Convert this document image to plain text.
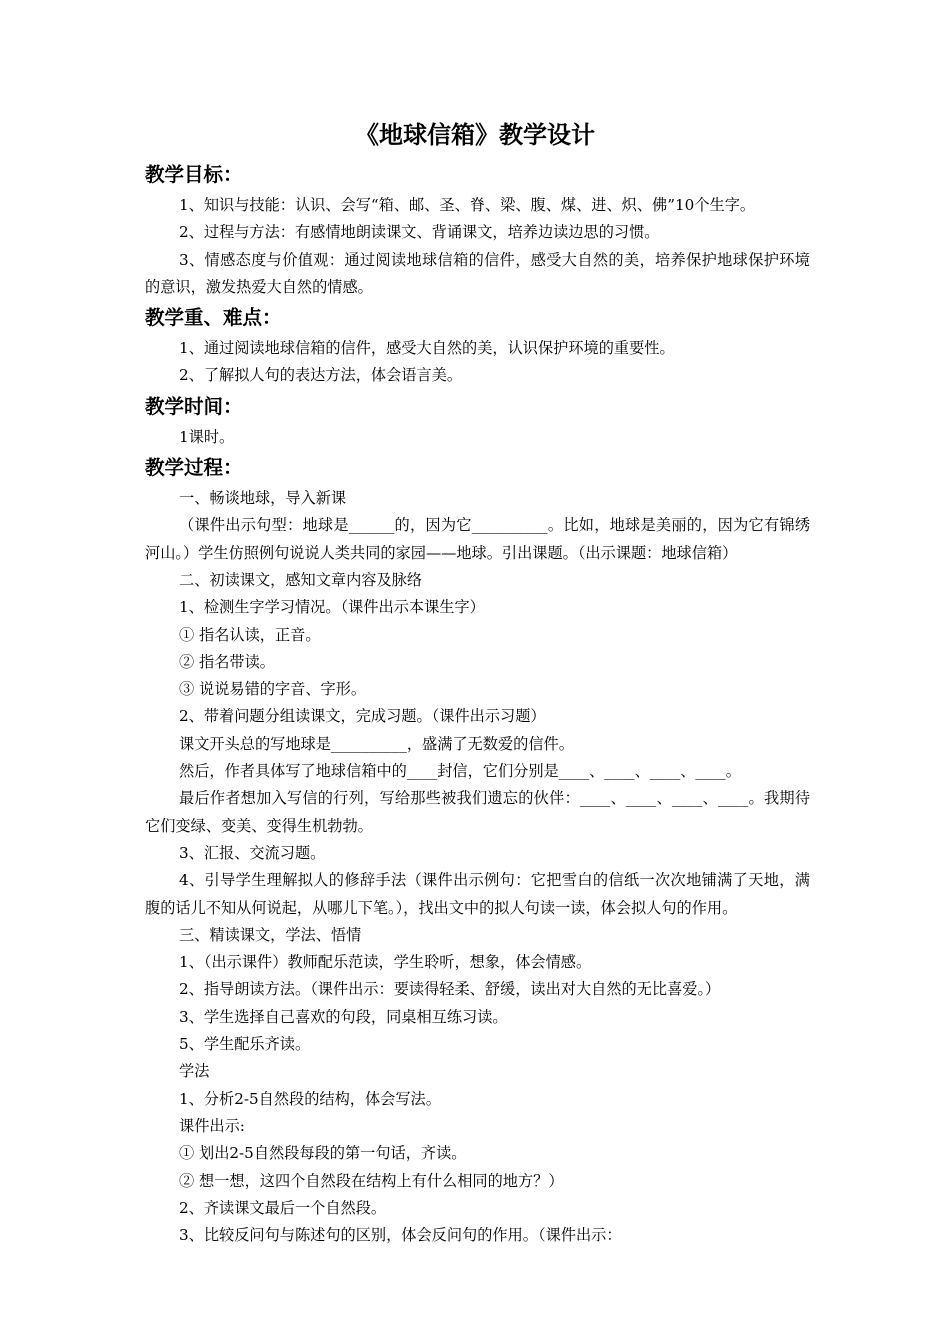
《地球信箱》教学设计
教学目标：

1、知识与技能：认识、会写“箱、邮、圣、脊、梁、腹、煤、进、炽、佛”10个生字。

2、过程与方法：有感情地朗读课文、背诵课文，培养边读边思的习惯。

3、情感态度与价值观：通过阅读地球信箱的信件，感受大自然的美，培养保护地球保护环境的意识，激发热爱大自然的情感。

教学重、难点：

1、通过阅读地球信箱的信件，感受大自然的美，认识保护环境的重要性。

2、了解拟人句的表达方法，体会语言美。

教学时间：

1课时。

教学过程：

一、畅谈地球，导入新课

（课件出示句型：地球是______的，因为它__________。比如，地球是美丽的，因为它有锦绣河山。）学生仿照例句说说人类共同的家园——地球。引出课题。（出示课题：地球信箱）

二、初读课文，感知文章内容及脉络

1、检测生字学习情况。（课件出示本课生字）

① 指名认读，正音。

② 指名带读。

③ 说说易错的字音、字形。

2、带着问题分组读课文，完成习题。（课件出示习题）

课文开头总的写地球是__________，盛满了无数爱的信件。

然后，作者具体写了地球信箱中的____封信，它们分别是____、____、____、____。

最后作者想加入写信的行列，写给那些被我们遗忘的伙伴：____、____、____、____。我期待它们变绿、变美、变得生机勃勃。

3、汇报、交流习题。

4、引导学生理解拟人的修辞手法（课件出示例句：它把雪白的信纸一次次地铺满了天地，满腹的话儿不知从何说起，从哪儿下笔。），找出文中的拟人句读一读，体会拟人句的作用。

三、精读课文，学法、悟情

1、（出示课件）教师配乐范读，学生聆听，想象，体会情感。

2、指导朗读方法。（课件出示：要读得轻柔、舒缓，读出对大自然的无比喜爱。）

3、学生选择自己喜欢的句段，同桌相互练习读。

5、学生配乐齐读。

学法

1、分析2-5自然段的结构，体会写法。

课件出示:

① 划出2-5自然段每段的第一句话，齐读。

② 想一想，这四个自然段在结构上有什么相同的地方？）

2、齐读课文最后一个自然段。

3、比较反问句与陈述句的区别，体会反问句的作用。（课件出示：
